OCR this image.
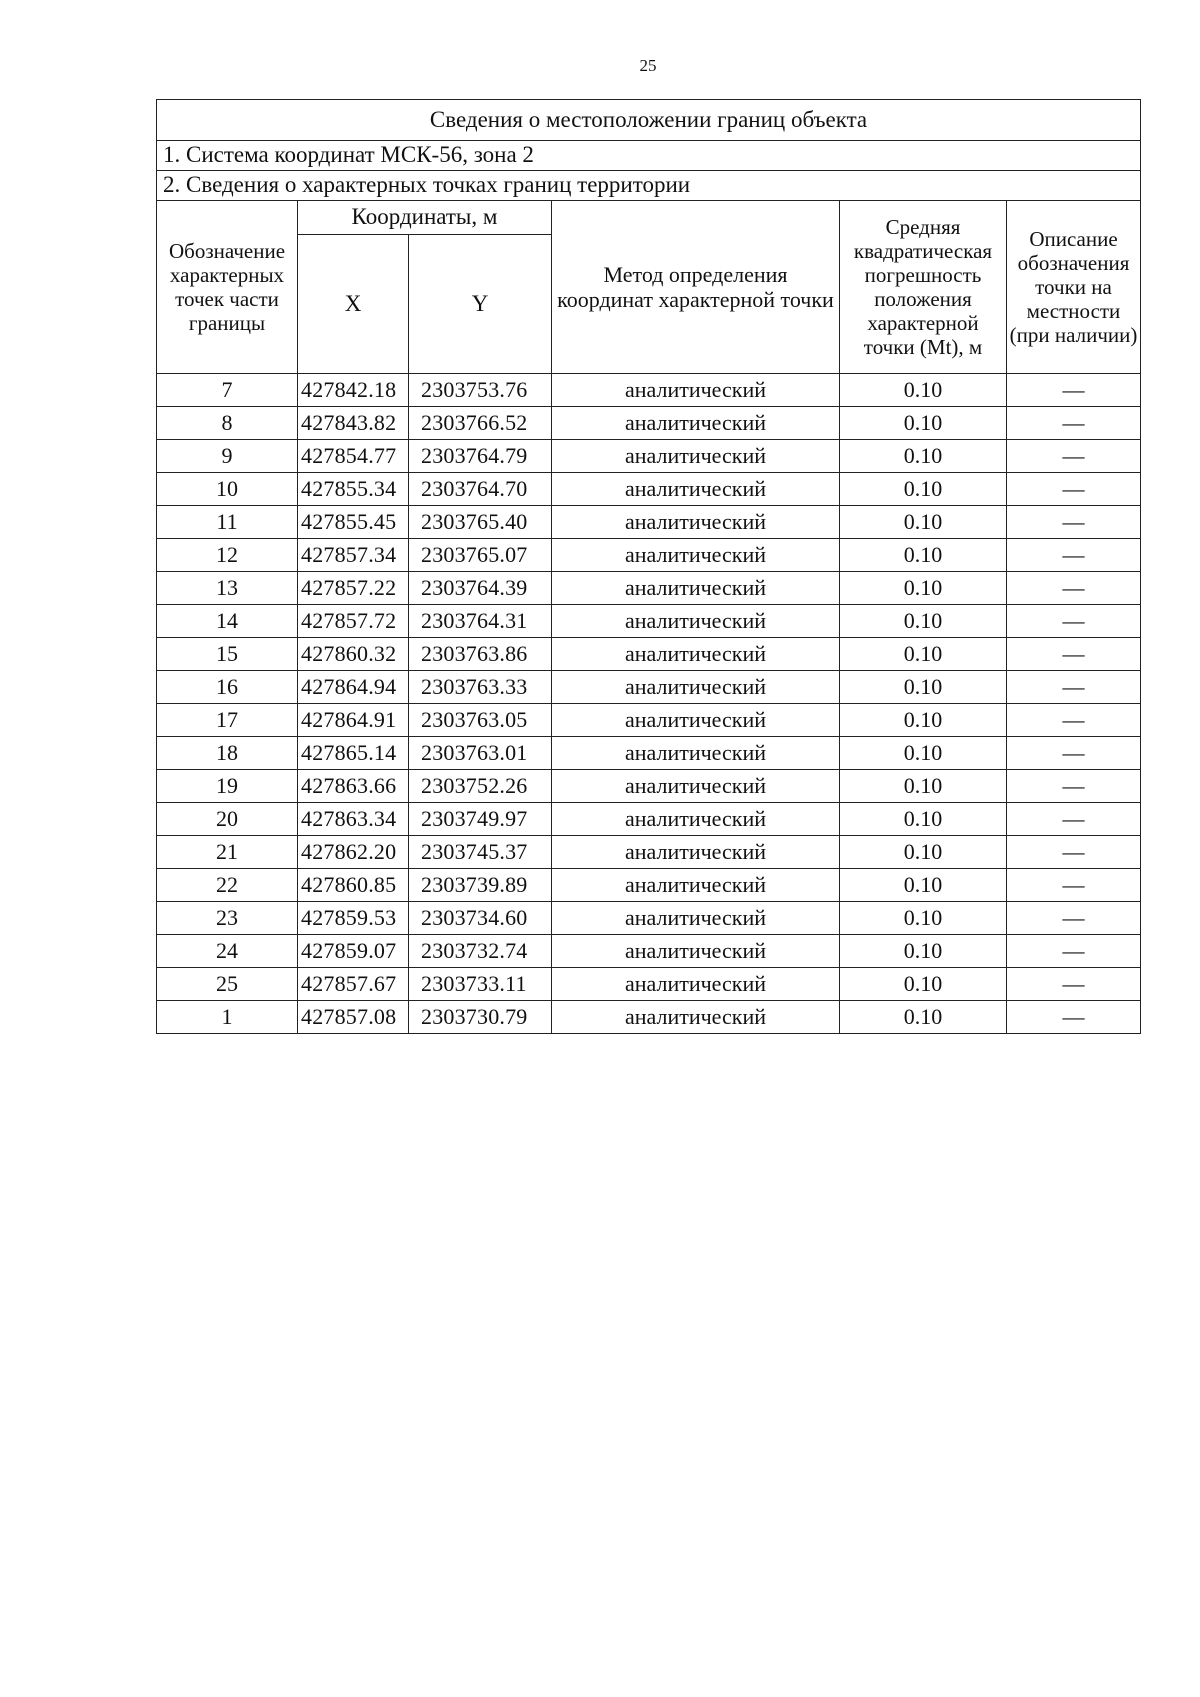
25
Сведения о местоположении границ объекта					
1. Система координат МСК-56, зона 2					
2. Сведения о характерных точках границ территории					
Обозначение характерных точек части границы	Координаты, м		Метод определения координат характерной точки	Средняя квадратическая погрешность положения характерной точки (Mt), м	Описание обозначения точки на местности (при наличии)
	X	Y			
7	427842.18	2303753.76	аналитический	0.10	—
8	427843.82	2303766.52	аналитический	0.10	—
9	427854.77	2303764.79	аналитический	0.10	—
10	427855.34	2303764.70	аналитический	0.10	—
11	427855.45	2303765.40	аналитический	0.10	—
12	427857.34	2303765.07	аналитический	0.10	—
13	427857.22	2303764.39	аналитический	0.10	—
14	427857.72	2303764.31	аналитический	0.10	—
15	427860.32	2303763.86	аналитический	0.10	—
16	427864.94	2303763.33	аналитический	0.10	—
17	427864.91	2303763.05	аналитический	0.10	—
18	427865.14	2303763.01	аналитический	0.10	—
19	427863.66	2303752.26	аналитический	0.10	—
20	427863.34	2303749.97	аналитический	0.10	—
21	427862.20	2303745.37	аналитический	0.10	—
22	427860.85	2303739.89	аналитический	0.10	—
23	427859.53	2303734.60	аналитический	0.10	—
24	427859.07	2303732.74	аналитический	0.10	—
25	427857.67	2303733.11	аналитический	0.10	—
1	427857.08	2303730.79	аналитический	0.10	—
